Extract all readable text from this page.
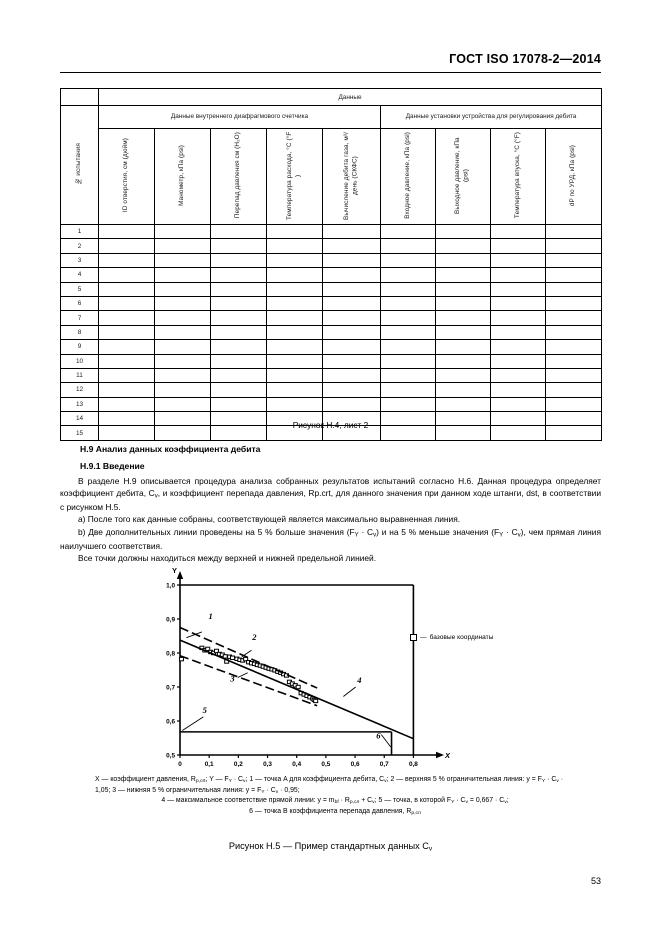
ГОСТ ISO 17078-2—2014
	Данные								
№ испытания	Данные внутреннего диафрагмового счетчика					Данные установки устройства для регулирования дебита			
	ID отверстия, см (дюйм)	Манометр, кПа (psi)	Перепад давления см (H₂O)	Температура расхода, °C (°F )	Вычисление дебита газа, м³/день (СКФС)	Входное давление, кПа (psi)	Выходное давление, кПа (psi)	Температура впуска, °C (°F)	dP по УРД, кПа (psi)
1									
2									
3									
4									
5									
6									
7									
8									
9									
10									
11									
12									
13									
14									
15									
Рисунок Н.4, лист 2
Н.9 Анализ данных коэффициента дебита
Н.9.1 Введение
В разделе Н.9 описывается процедура анализа собранных результатов испытаний согласно Н.6. Данная процедура определяет коэффициент дебита, $C_v$, и коэффициент перепада давления, Rp.crt, для данного значения при данном ходе штанги, dst, в соответствии с рисунком Н.5.
a) После того как данные собраны, соответствующей является максимально выравненная линия.
b) Две дополнительных линии проведены на 5 % больше значения $(F_Y \cdot C_v)$ и на 5 % меньше значения $(F_Y \cdot C_v)$, чем прямая линия наилучшего соответствия.
Все точки должны находиться между верхней и нижней предельной линией.
Y
X
0,5
0,6
0,7
0,8
0,9
1,0
0	0,1	0,2	0,3	0,4	0,5	0,6	0,7	0,8
1
2
3	4
5
6
— базовые координаты
X — коэффициент давления, $R_{p,crt}$; Y — $F_Y \cdot C_v$; 1 — точка A для коэффициента дебита, $C_v$; 2 — верхняя 5 % ограничительная линия: $y = F_Y \cdot C_v \cdot 1,05$; 3 — нижняя 5 % ограничительная линия: $y = F_Y \cdot C_v \cdot 0,95$;
4 — максимальное соответствие прямой линии: $y = m_{bf} \cdot R_{p,сл} + C_v$; 5 — точка, в которой $F_Y \cdot C_v = 0,667 \cdot C_v$;
6 — точка B коэффициента перепада давления, $R_{p,сл}$
Рисунок Н.5 — Пример стандартных данных $C_v$
53
